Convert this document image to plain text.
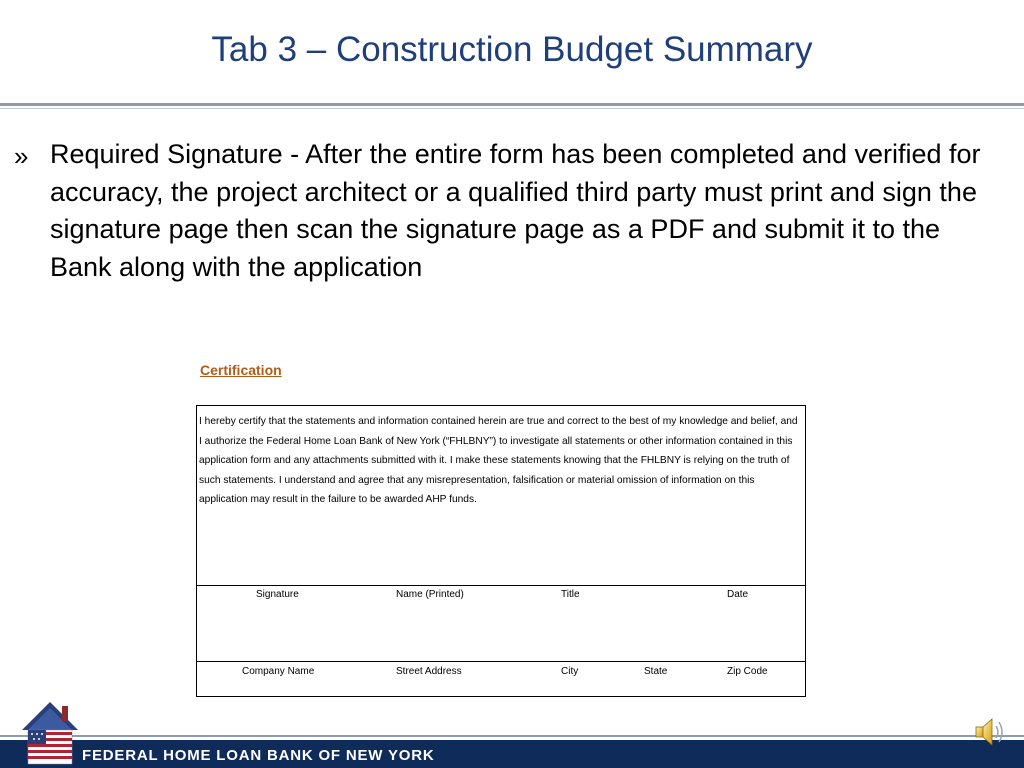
Tab 3 – Construction Budget Summary
» Required Signature - After the entire form has been completed and verified for accuracy, the project architect or a qualified third party must print and sign the signature page then scan the signature page as a PDF and submit it to the Bank along with the application
Certification
I hereby certify that the statements and information contained herein are true and correct to the best of my knowledge and belief, and I authorize the Federal Home Loan Bank of New York (“FHLBNY”) to investigate all statements or other information contained in this application form and any attachments submitted with it. I make these statements knowing that the FHLBNY is relying on the truth of such statements. I understand and agree that any misrepresentation, falsification or material omission of information on this application may result in the failure to be awarded AHP funds.
Signature	Name (Printed)	Title	Date
Company Name	Street Address	City	State	Zip Code
FEDERAL HOME LOAN BANK OF NEW YORK
